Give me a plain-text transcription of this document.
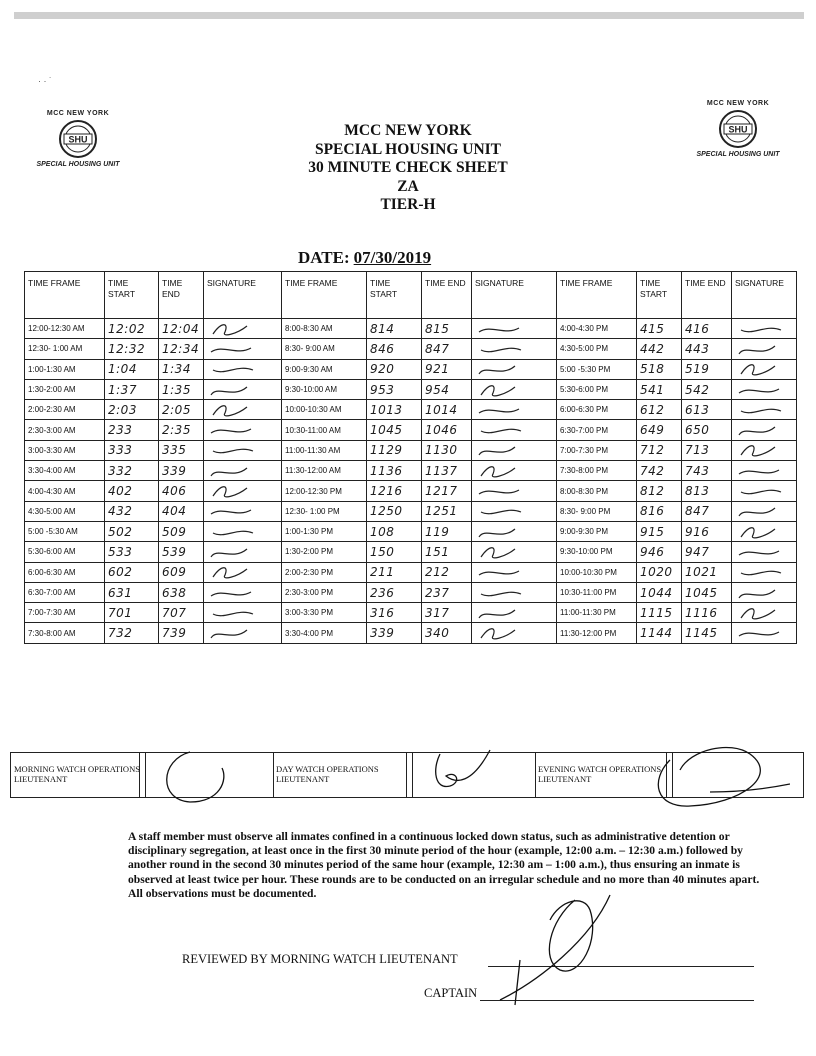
· · ˙
MCC NEW YORK
SHU
SPECIAL HOUSING UNIT
MCC NEW YORK
SHU
SPECIAL HOUSING UNIT
MCC NEW YORK
SPECIAL HOUSING UNIT
30 MINUTE CHECK SHEET
ZA
TIER-H
DATE: 07/30/2019
TIME FRAME	TIME START	TIME END	SIGNATURE	TIME FRAME	TIME START	TIME END	SIGNATURE	TIME FRAME	TIME START	TIME END	SIGNATURE
12:00-12:30 AM	12:02	12:04		8:00-8:30 AM	814	815		4:00-4:30 PM	415	416	

12:30- 1:00 AM	12:32	12:34		8:30- 9:00 AM	846	847		4:30-5:00 PM	442	443	

1:00-1:30 AM	1:04	1:34		9:00-9:30 AM	920	921		5:00 -5:30 PM	518	519	

1:30-2:00 AM	1:37	1:35		9:30-10:00 AM	953	954		5:30-6:00 PM	541	542	

2:00-2:30 AM	2:03	2:05		10:00-10:30 AM	1013	1014		6:00-6:30 PM	612	613	

2:30-3:00 AM	233	2:35		10:30-11:00 AM	1045	1046		6:30-7:00 PM	649	650	

3:00-3:30 AM	333	335		11:00-11:30 AM	1129	1130		7:00-7:30 PM	712	713	

3:30-4:00 AM	332	339		11:30-12:00 AM	1136	1137		7:30-8:00 PM	742	743	

4:00-4:30 AM	402	406		12:00-12:30 PM	1216	1217		8:00-8:30 PM	812	813	

4:30-5:00 AM	432	404		12:30- 1:00 PM	1250	1251		8:30- 9:00 PM	816	847	

5:00 -5:30 AM	502	509		1:00-1:30 PM	108	119		9:00-9:30 PM	915	916	

5:30-6:00 AM	533	539		1:30-2:00 PM	150	151		9:30-10:00 PM	946	947	

6:00-6:30 AM	602	609		2:00-2:30 PM	211	212		10:00-10:30 PM	1020	1021	

6:30-7:00 AM	631	638		2:30-3:00 PM	236	237		10:30-11:00 PM	1044	1045	

7:00-7:30 AM	701	707		3:00-3:30 PM	316	317		11:00-11:30 PM	1115	1116	

7:30-8:00 AM	732	739		3:30-4:00 PM	339	340		11:30-12:00 PM	1144	1145	
MORNING WATCH OPERATIONS LIEUTENANT
DAY WATCH OPERATIONS LIEUTENANT
EVENING WATCH OPERATIONS LIEUTENANT
A staff member must observe all inmates confined in a continuous locked down status, such as administrative detention or disciplinary segregation, at least once in the first 30 minute period of the hour (example, 12:00 a.m. – 12:30 a.m.) followed by another round in the second 30 minutes period of the same hour (example, 12:30 am – 1:00 a.m.), thus ensuring an inmate is observed at least twice per hour. These rounds are to be conducted on an irregular schedule and no more than 40 minutes apart. All observations must be documented.
REVIEWED BY MORNING WATCH LIEUTENANT
CAPTAIN
